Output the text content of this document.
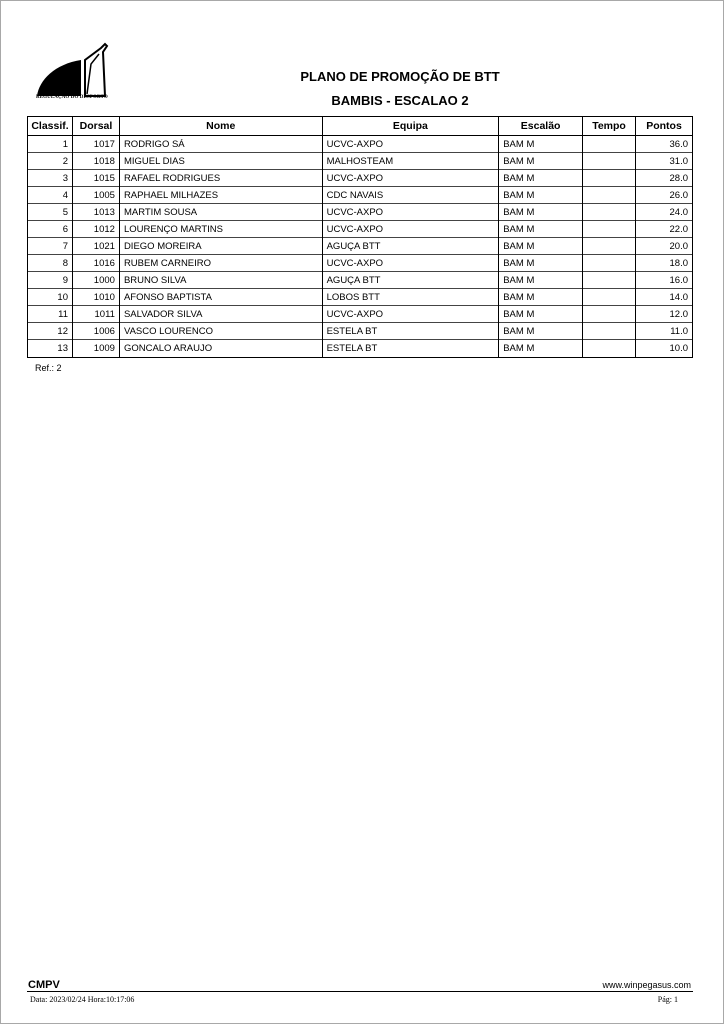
REGULAÇÃO DO DESPORTO
PLANO DE PROMOÇÃO DE BTT
BAMBIS - ESCALAO 2
Classif.	Dorsal	Nome	Equipa	Escalão	Tempo	Pontos
1	1017	RODRIGO SÁ	UCVC-AXPO	BAM M		36.0
2	1018	MIGUEL DIAS	MALHOSTEAM	BAM M		31.0
3	1015	RAFAEL RODRIGUES	UCVC-AXPO	BAM M		28.0
4	1005	RAPHAEL MILHAZES	CDC NAVAIS	BAM M		26.0
5	1013	MARTIM SOUSA	UCVC-AXPO	BAM M		24.0
6	1012	LOURENÇO MARTINS	UCVC-AXPO	BAM M		22.0
7	1021	DIEGO MOREIRA	AGUÇA BTT	BAM M		20.0
8	1016	RUBEM CARNEIRO	UCVC-AXPO	BAM M		18.0
9	1000	BRUNO SILVA	AGUÇA BTT	BAM M		16.0
10	1010	AFONSO BAPTISTA	LOBOS BTT	BAM M		14.0
11	1011	SALVADOR SILVA	UCVC-AXPO	BAM M		12.0
12	1006	VASCO LOURENCO	ESTELA BT	BAM M		11.0
13	1009	GONCALO ARAUJO	ESTELA BT	BAM M		10.0
Ref.: 2
CMPV	www.winpegasus.com
Data: 2023/02/24 Hora:10:17:06	Pág: 1
